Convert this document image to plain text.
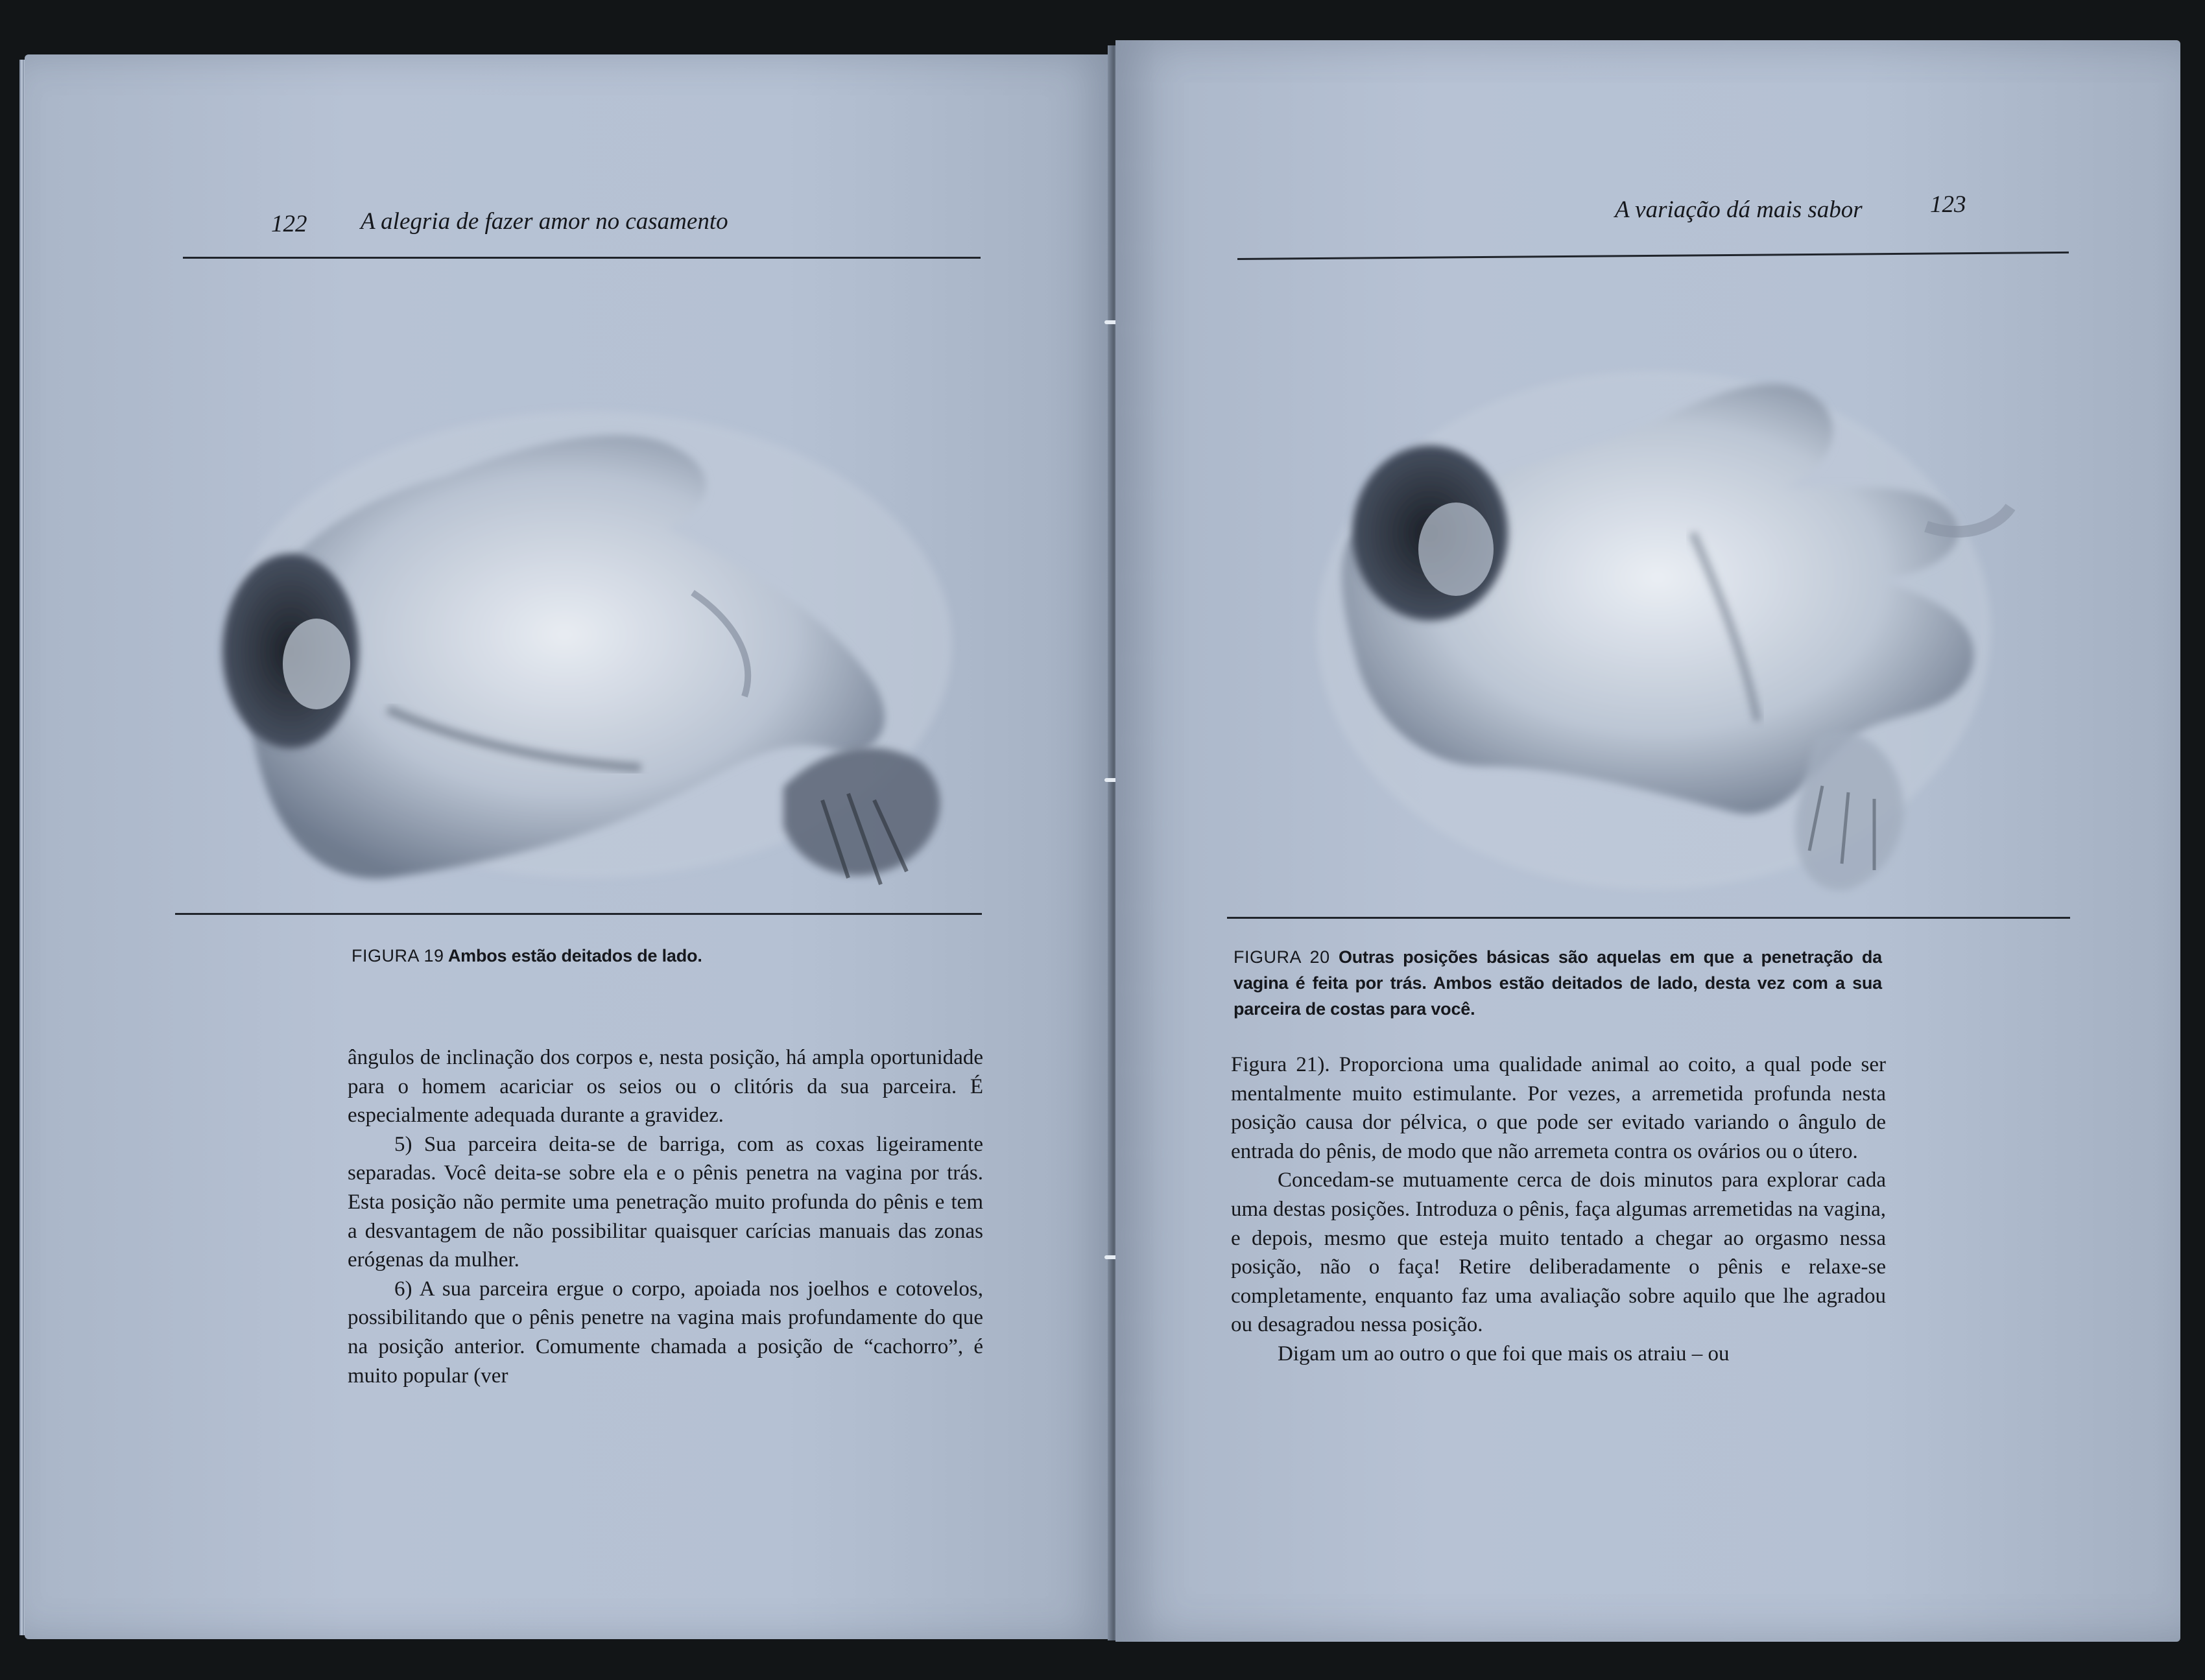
122 A alegria de fazer amor no casamento
FIGURA 19 Ambos estão deitados de lado.

ângulos de inclinação dos corpos e, nesta posição, há ampla oportunidade para o homem acariciar os seios ou o clitóris da sua parceira. É especialmente adequada durante a gravidez.

5) Sua parceira deita-se de barriga, com as coxas ligeiramente separadas. Você deita-se sobre ela e o pênis penetra na vagina por trás. Esta posição não permite uma penetração muito profunda do pênis e tem a desvantagem de não possibilitar quaisquer carícias manuais das zonas erógenas da mulher.

6) A sua parceira ergue o corpo, apoiada nos joelhos e cotovelos, possibilitando que o pênis penetre na vagina mais profundamente do que na posição anterior. Comumente chamada a posição de “cachorro”, é muito popular (ver

A variação dá mais sabor	123
FIGURA 20 Outras posições básicas são aquelas em que a penetração da vagina é feita por trás. Ambos estão deitados de lado, desta vez com a sua parceira de costas para você.

Figura 21). Proporciona uma qualidade animal ao coito, a qual pode ser mentalmente muito estimulante. Por vezes, a arremetida profunda nesta posição causa dor pélvica, o que pode ser evitado variando o ângulo de entrada do pênis, de modo que não arremeta contra os ovários ou o útero.

Concedam-se mutuamente cerca de dois minutos para explorar cada uma destas posições. Introduza o pênis, faça algumas arremetidas na vagina, e depois, mesmo que esteja muito tentado a chegar ao orgasmo nessa posição, não o faça! Retire deliberadamente o pênis e relaxe-se completamente, enquanto faz uma avaliação sobre aquilo que lhe agradou ou desagradou nessa posição.

Digam um ao outro o que foi que mais os atraiu – ou
